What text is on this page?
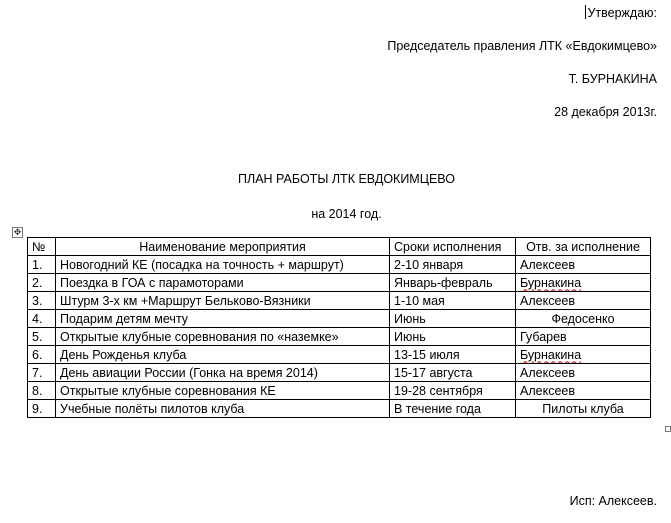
Утверждаю:
Председатель правления ЛТК «Евдокимцево»
Т. БУРНАКИНА
28 декабря 2013г.
ПЛАН РАБОТЫ ЛТК ЕВДОКИМЦЕВО
на 2014 год.
✥
№	Наименование мероприятия	Сроки исполнения	Отв. за исполнение
1.	Новогодний КЕ (посадка на точность + маршрут)	2-10 января	Алексеев
2.	Поездка в ГОА с парамоторами	Январь-февраль	Бурнакина
3.	Штурм 3-х км +Маршрут Бельково-Вязники	1-10 мая	Алексеев
4.	Подарим детям мечту	Июнь	Федосенко
5.	Открытые клубные соревнования по «наземке»	Июнь	Губарев
6.	День Рожденья клуба	13-15 июля	Бурнакина
7.	День авиации России (Гонка на время 2014)	15-17 августа	Алексеев
8.	Открытые клубные соревнования КЕ	19-28 сентября	Алексеев
9.	Учебные полёты пилотов клуба	В течение года	Пилоты клуба
Исп: Алексеев.
